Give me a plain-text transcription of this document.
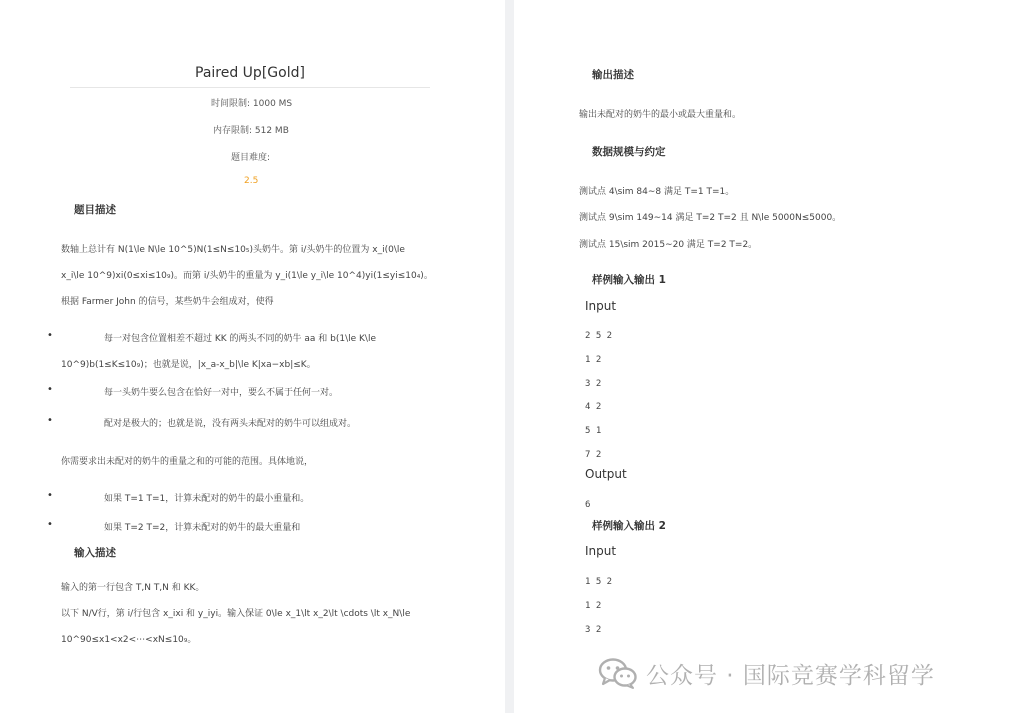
Paired Up[Gold]
时间限制: 1000 MS
内存限制: 512 MB
题目难度:
2.5
题目描述
数轴上总计有 N(1\le N\le 10^5)N(1≤N≤10₅)头奶牛。第 i/头奶牛的位置为 x_i(0\le
x_i\le 10^9)xi(0≤xi≤10₉)。而第 i/头奶牛的重量为 y_i(1\le y_i\le 10^4)yi(1≤yi≤10₄)。
根据 Farmer John 的信号，某些奶牛会组成对，使得
•	每一对包含位置相差不超过 KK 的两头不同的奶牛 aa 和 b(1\le K\le
10^9)b(1≤K≤10₉)；也就是说，|x_a-x_b|\le K|xa−xb|≤K。
•	每一头奶牛要么包含在恰好一对中，要么不属于任何一对。
•	配对是极大的；也就是说，没有两头未配对的奶牛可以组成对。
你需要求出未配对的奶牛的重量之和的可能的范围。具体地说，
•	如果 T=1 T=1，计算未配对的奶牛的最小重量和。
•	如果 T=2 T=2，计算未配对的奶牛的最大重量和
输入描述
输入的第一行包含 T,N T,N 和 KK。
以下 N/V行，第 i/行包含 x_ixi 和 y_iyi。输入保证 0\le x_1\lt x_2\lt \cdots \lt x_N\le
10^90≤x1<x2<⋯<xN≤10₉。
输出描述
输出未配对的奶牛的最小或最大重量和。
数据规模与约定
测试点 4\sim 84∼8 满足 T=1 T=1。
测试点 9\sim 149∼14 满足 T=2 T=2 且 N\le 5000N≤5000。
测试点 15\sim 2015∼20 满足 T=2 T=2。
样例输入输出 1
Input
2 5 2
1 2
3 2
4 2
5 1
7 2
Output
6
样例输入输出 2
Input
1 5 2
1 2
3 2
公众号 · 国际竞赛学科留学
